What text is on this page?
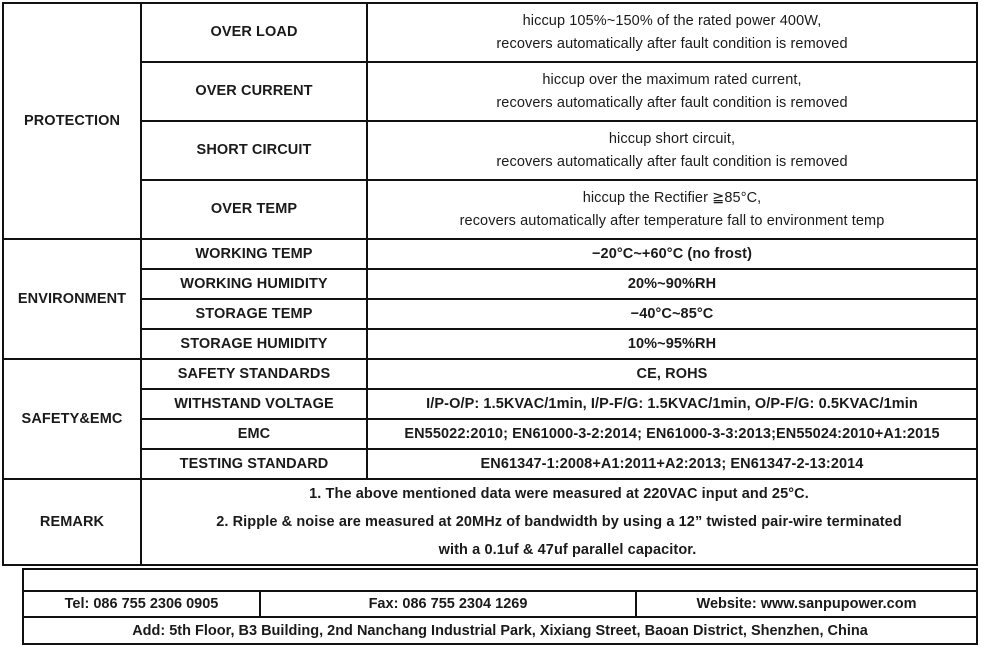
PROTECTION	OVER LOAD	hiccup 105%~150% of the rated power 400W,
recovers automatically after fault condition is removed

	OVER CURRENT	hiccup over the maximum rated current,
recovers automatically after fault condition is removed

	SHORT CIRCUIT	hiccup short circuit,
recovers automatically after fault condition is removed

	OVER TEMP	hiccup the Rectifier ≧85°C,
recovers automatically after temperature fall to environment temp

ENVIRONMENT	WORKING TEMP	−20°C~+60°C (no frost)
	WORKING HUMIDITY	20%~90%RH
	STORAGE TEMP	−40°C~85°C
	STORAGE HUMIDITY	10%~95%RH
SAFETY&EMC	SAFETY STANDARDS	CE, ROHS
	WITHSTAND VOLTAGE	I/P-O/P: 1.5KVAC/1min, I/P-F/G: 1.5KVAC/1min, O/P-F/G: 0.5KVAC/1min
	EMC	EN55022:2010; EN61000-3-2:2014; EN61000-3-3:2013;EN55024:2010+A1:2015
	TESTING STANDARD	EN61347-1:2008+A1:2011+A2:2013; EN61347-2-13:2014
REMARK	1. The above mentioned data were measured at 220VAC input and 25°C.
2. Ripple & noise are measured at 20MHz of bandwidth by using a 12” twisted pair-wire terminated
with a 0.1uf & 47uf parallel capacitor.	

Tel: 086 755 2306 0905	Fax: 086 755 2304 1269	Website: www.sanpupower.com
Add: 5th Floor, B3 Building, 2nd Nanchang Industrial Park, Xixiang Street, Baoan District, Shenzhen, China
